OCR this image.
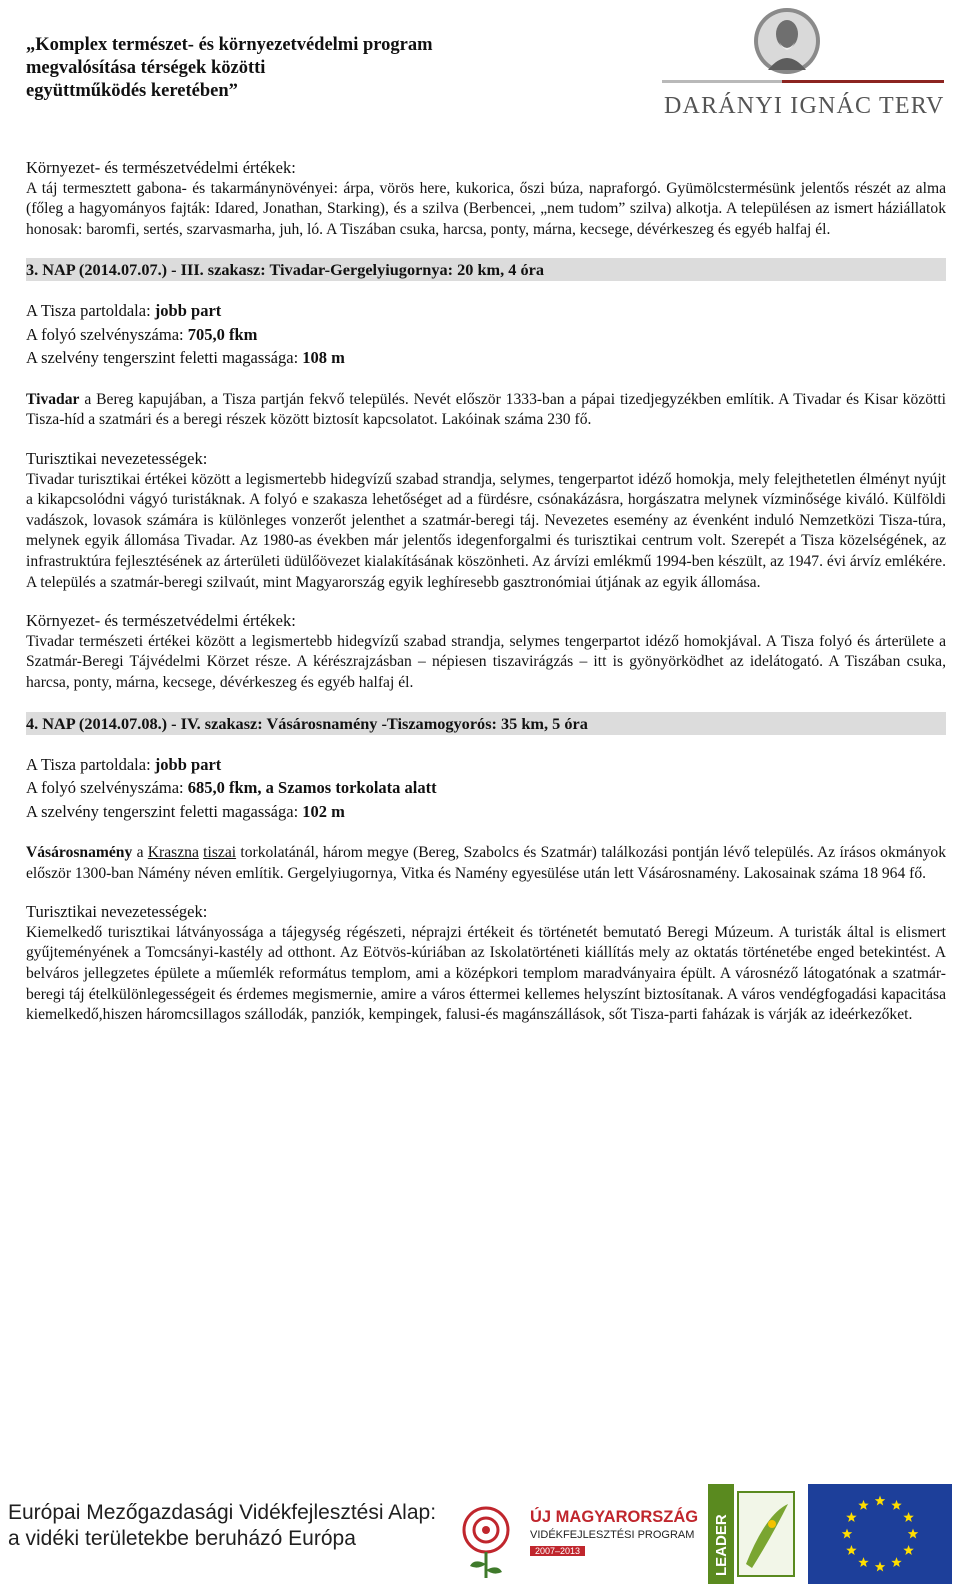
„Komplex természet- és környezetvédelmi program
megvalósítása térségek közötti
együttműködés keretében”
DARÁNYI IGNÁC TERV

Környezet- és természetvédelmi értékek:

A táj termesztett gabona- és takarmánynövényei: árpa, vörös here, kukorica, őszi búza, napraforgó. Gyümölcstermésünk jelentős részét az alma (főleg a hagyományos fajták: Idared, Jonathan, Starking), és a szilva (Berbencei, „nem tudom” szilva) alkotja. A településen az ismert háziállatok honosak: baromfi, sertés, szarvasmarha, juh, ló. A Tiszában csuka, harcsa, ponty, márna, kecsege, dévérkeszeg és egyéb halfaj él.

3. NAP (2014.07.07.) - III. szakasz: Tivadar-Gergelyiugornya: 20 km, 4 óra

A Tisza partoldala: jobb part

A folyó szelvényszáma: 705,0 fkm

A szelvény tengerszint feletti magassága: 108 m

Tivadar a Bereg kapujában, a Tisza partján fekvő település. Nevét először 1333-ban a pápai tizedjegyzékben említik. A Tivadar és Kisar közötti Tisza-híd a szatmári és a beregi részek között biztosít kapcsolatot. Lakóinak száma 230 fő.

Turisztikai nevezetességek:

Tivadar turisztikai értékei között a legismertebb hidegvízű szabad strandja, selymes, tengerpartot idéző homokja, mely felejthetetlen élményt nyújt a kikapcsolódni vágyó turistáknak. A folyó e szakasza lehetőséget ad a fürdésre, csónakázásra, horgászatra melynek vízminősége kiváló. Külföldi vadászok, lovasok számára is különleges vonzerőt jelenthet a szatmár-beregi táj. Nevezetes esemény az évenként induló Nemzetközi Tisza-túra, melynek egyik állomása Tivadar. Az 1980-as években már jelentős idegenforgalmi és turisztikai centrum volt. Szerepét a Tisza közelségének, az infrastruktúra fejlesztésének az árterületi üdülőövezet kialakításának köszönheti. Az árvízi emlékmű 1994-ben készült, az 1947. évi árvíz emlékére. A település a szatmár-beregi szilvaút, mint Magyarország egyik leghíresebb gasztronómiai útjának az egyik állomása.

Környezet- és természetvédelmi értékek:

Tivadar természeti értékei között a legismertebb hidegvízű szabad strandja, selymes tengerpartot idéző homokjával. A Tisza folyó és árterülete a Szatmár-Beregi Tájvédelmi Körzet része. A kérészrajzásban – népiesen tiszavirágzás – itt is gyönyörködhet az idelátogató. A Tiszában csuka, harcsa, ponty, márna, kecsege, dévérkeszeg és egyéb halfaj él.

4. NAP (2014.07.08.) - IV. szakasz: Vásárosnamény -Tiszamogyorós: 35 km, 5 óra

A Tisza partoldala: jobb part

A folyó szelvényszáma: 685,0 fkm, a Szamos torkolata alatt

A szelvény tengerszint feletti magassága: 102 m

Vásárosnamény a Kraszna tiszai torkolatánál, három megye (Bereg, Szabolcs és Szatmár) találkozási pontján lévő település. Az írásos okmányok először 1300-ban Námény néven említik. Gergelyiugornya, Vitka és Namény egyesülése után lett Vásárosnamény. Lakosainak száma 18 964 fő.

Turisztikai nevezetességek:

Kiemelkedő turisztikai látványossága a tájegység régészeti, néprajzi értékeit és történetét bemutató Beregi Múzeum. A turisták által is elismert gyűjteményének a Tomcsányi-kastély ad otthont. Az Eötvös-kúriában az Iskolatörténeti kiállítás mely az oktatás történetébe enged betekintést. A belváros jellegzetes épülete a műemlék református templom, ami a középkori templom maradványaira épült. A városnéző látogatónak a szatmár-beregi táj ételkülönlegességeit és érdemes megismernie, amire a város éttermei kellemes helyszínt biztosítanak. A város vendégfogadási kapacitása kiemelkedő,hiszen háromcsillagos szállodák, panziók, kempingek, falusi-és magánszállások, sőt Tisza-parti faházak is várják az ideérkezőket.

Európai Mezőgazdasági Vidékfejlesztési Alap:
a vidéki területekbe beruházó Európa
ÚJ MAGYARORSZÁG
VIDÉKFEJLESZTÉSI PROGRAM
2007–2013	LEADER
